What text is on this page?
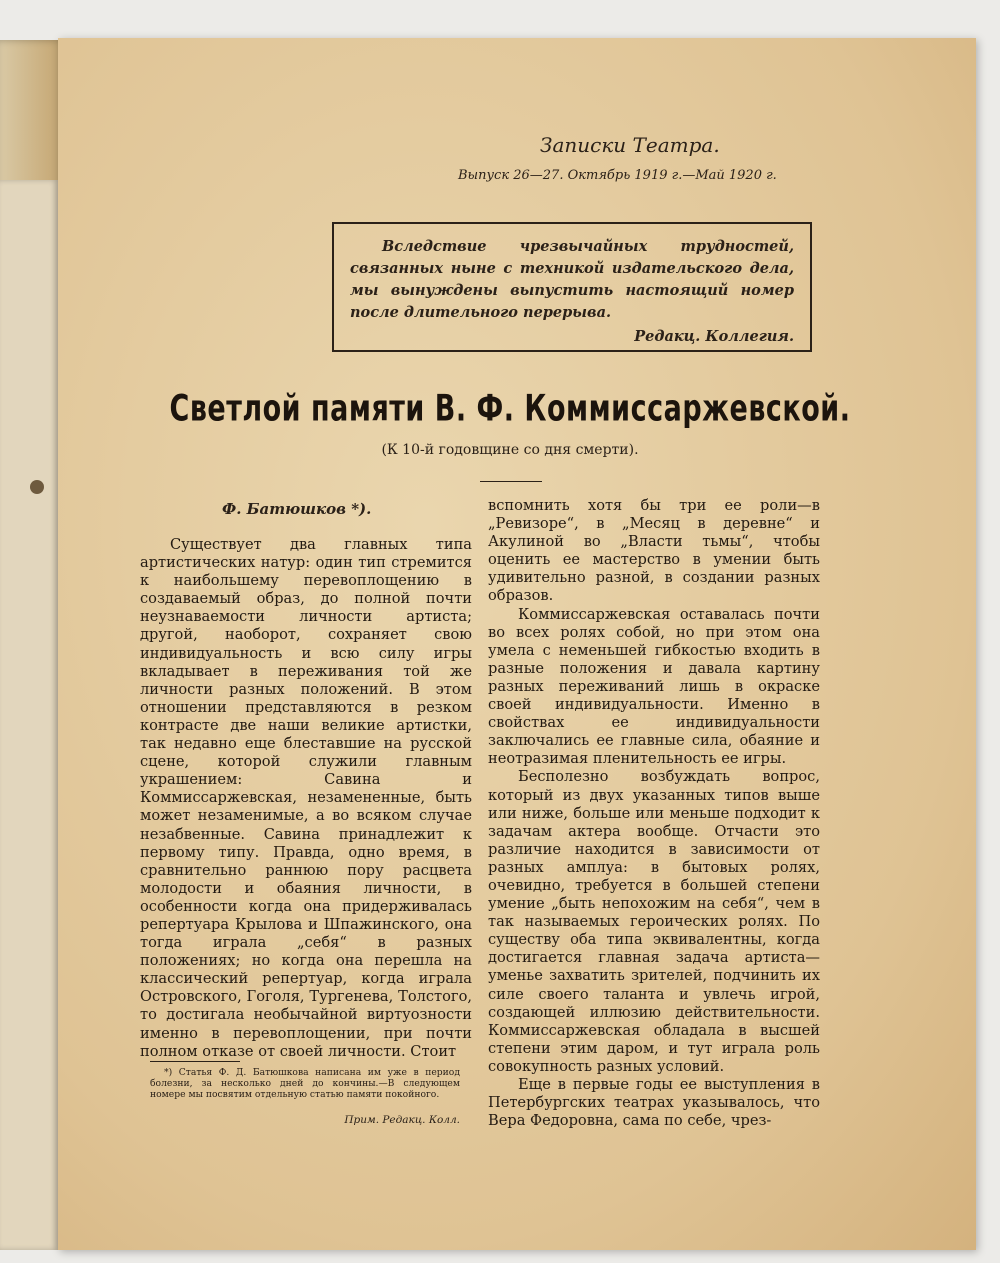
Записки Театра.
Выпуск 26—27. Октябрь 1919 г.—Май 1920 г.
Вследствие чрезвычайных трудностей, связанных ныне с техникой издательского дела, мы вынуждены выпустить настоящий номер после длительного перерыва.
Редакц. Коллегия.
Светлой памяти В. Ф. Коммиссаржевской.
(К 10-й годовщине со дня смерти).
Ф. Батюшков *).

Существует два главных типа артистических натур: один тип стремится к наибольшему перевоплощению в создаваемый образ, до полной почти неузнаваемости личности артиста; другой, наоборот, сохраняет свою индивидуальность и всю силу игры вкладывает в переживания той же личности разных положений. В этом отношении представляются в резком контрасте две наши великие артистки, так недавно еще блеставшие на русской сцене, которой служили главным украшением: Савина и Коммиссаржевская, незамененные, быть может незаменимые, а во всяком случае незабвенные. Савина принадлежит к первому типу. Правда, одно время, в сравнительно раннюю пору расцвета молодости и обаяния личности, в особенности когда она придерживалась репертуара Крылова и Шпажинского, она тогда играла „себя“ в разных положениях; но когда она перешла на классический репертуар, когда играла Островского, Гоголя, Тургенева, Толстого, то достигала необычайной виртуозности именно в перевоплощении, при почти полном отказе от своей личности. Стоит

вспомнить хотя бы три ее роли—в „Ревизоре“, в „Месяц в деревне“ и Акулиной во „Власти тьмы“, чтобы оценить ее мастерство в умении быть удивительно разной, в создании разных образов.

Коммиссаржевская оставалась почти во всех ролях собой, но при этом она умела с неменьшей гибкостью входить в разные положения и давала картину разных переживаний лишь в окраске своей индивидуальности. Именно в свойствах ее индивидуальности заключались ее главные сила, обаяние и неотразимая пленительность ее игры.

Бесполезно возбуждать вопрос, который из двух указанных типов выше или ниже, больше или меньше подходит к задачам актера вообще. Отчасти это различие находится в зависимости от разных амплуа: в бытовых ролях, очевидно, требуется в большей степени умение „быть непохожим на себя“, чем в так называемых героических ролях. По существу оба типа эквивалентны, когда достигается главная задача артиста—уменье захватить зрителей, подчинить их силе своего таланта и увлечь игрой, создающей иллюзию действительности. Коммиссаржевская обладала в высшей степени этим даром, и тут играла роль совокупность разных условий.

Еще в первые годы ее выступления в Петербургских театрах указывалось, что Вера Федоровна, сама по себе, чрез-

*) Статья Ф. Д. Батюшкова написана им уже в период болезни, за несколько дней до кончины.—В следующем номере мы посвятим отдельную статью памяти покойного.
Прим. Редакц. Колл.
